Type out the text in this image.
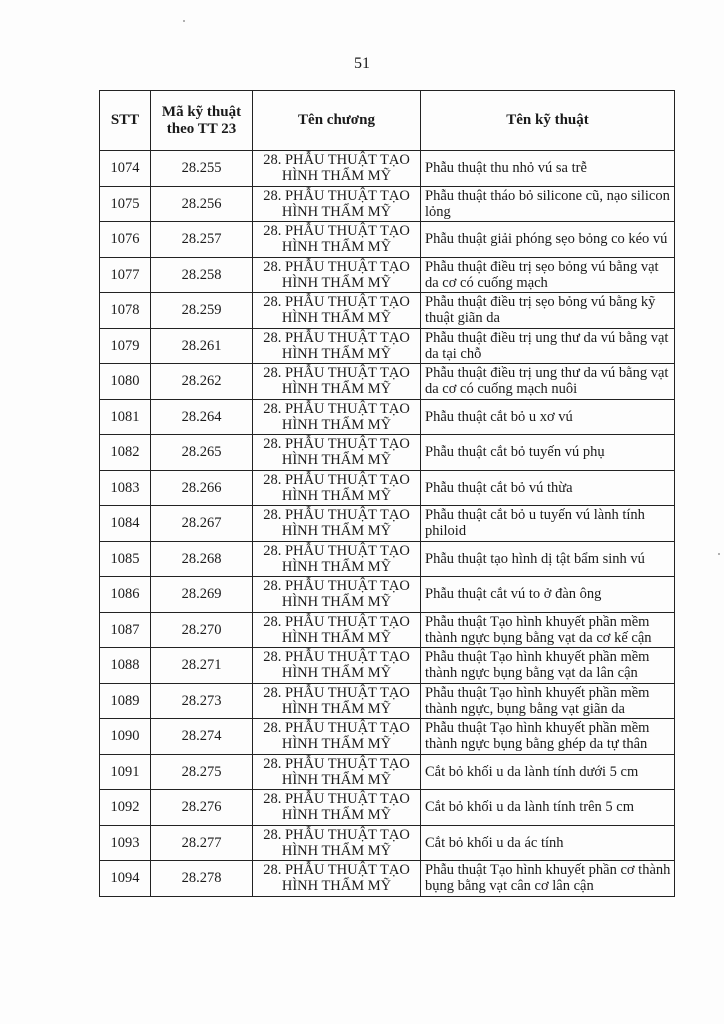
51
STT	Mã kỹ thuật theo TT 23	Tên chương	Tên kỹ thuật
1074	28.255	28. PHẪU THUẬT TẠO HÌNH THẨM MỸ	Phẫu thuật thu nhỏ vú sa trễ
1075	28.256	28. PHẪU THUẬT TẠO HÌNH THẨM MỸ	Phẫu thuật tháo bỏ silicone cũ, nạo silicon lỏng
1076	28.257	28. PHẪU THUẬT TẠO HÌNH THẨM MỸ	Phẫu thuật giải phóng sẹo bỏng co kéo vú
1077	28.258	28. PHẪU THUẬT TẠO HÌNH THẨM MỸ	Phẫu thuật điều trị sẹo bỏng vú bằng vạt da cơ có cuống mạch
1078	28.259	28. PHẪU THUẬT TẠO HÌNH THẨM MỸ	Phẫu thuật điều trị sẹo bỏng vú bằng kỹ thuật giãn da
1079	28.261	28. PHẪU THUẬT TẠO HÌNH THẨM MỸ	Phẫu thuật điều trị ung thư da vú bằng vạt da tại chỗ
1080	28.262	28. PHẪU THUẬT TẠO HÌNH THẨM MỸ	Phẫu thuật điều trị ung thư da vú bằng vạt da cơ có cuống mạch nuôi
1081	28.264	28. PHẪU THUẬT TẠO HÌNH THẨM MỸ	Phẫu thuật cắt bỏ u xơ vú
1082	28.265	28. PHẪU THUẬT TẠO HÌNH THẨM MỸ	Phẫu thuật cắt bỏ tuyến vú phụ
1083	28.266	28. PHẪU THUẬT TẠO HÌNH THẨM MỸ	Phẫu thuật cắt bỏ vú thừa
1084	28.267	28. PHẪU THUẬT TẠO HÌNH THẨM MỸ	Phẫu thuật cắt bỏ u tuyến vú lành tính philoid
1085	28.268	28. PHẪU THUẬT TẠO HÌNH THẨM MỸ	Phẫu thuật tạo hình dị tật bẩm sinh vú
1086	28.269	28. PHẪU THUẬT TẠO HÌNH THẨM MỸ	Phẫu thuật cắt vú to ở đàn ông
1087	28.270	28. PHẪU THUẬT TẠO HÌNH THẨM MỸ	Phẫu thuật Tạo hình khuyết phần mềm thành ngực bụng bằng vạt da cơ kế cận
1088	28.271	28. PHẪU THUẬT TẠO HÌNH THẨM MỸ	Phẫu thuật Tạo hình khuyết phần mềm thành ngực bụng bằng vạt da lân cận
1089	28.273	28. PHẪU THUẬT TẠO HÌNH THẨM MỸ	Phẫu thuật Tạo hình khuyết phần mềm thành ngực, bụng bằng vạt giãn da
1090	28.274	28. PHẪU THUẬT TẠO HÌNH THẨM MỸ	Phẫu thuật Tạo hình khuyết phần mềm thành ngực bụng bằng ghép da tự thân
1091	28.275	28. PHẪU THUẬT TẠO HÌNH THẨM MỸ	Cắt bỏ khối u da lành tính dưới 5 cm
1092	28.276	28. PHẪU THUẬT TẠO HÌNH THẨM MỸ	Cắt bỏ khối u da lành tính trên 5 cm
1093	28.277	28. PHẪU THUẬT TẠO HÌNH THẨM MỸ	Cắt bỏ khối u da ác tính
1094	28.278	28. PHẪU THUẬT TẠO HÌNH THẨM MỸ	Phẫu thuật Tạo hình khuyết phần cơ thành bụng bằng vạt cân cơ lân cận
